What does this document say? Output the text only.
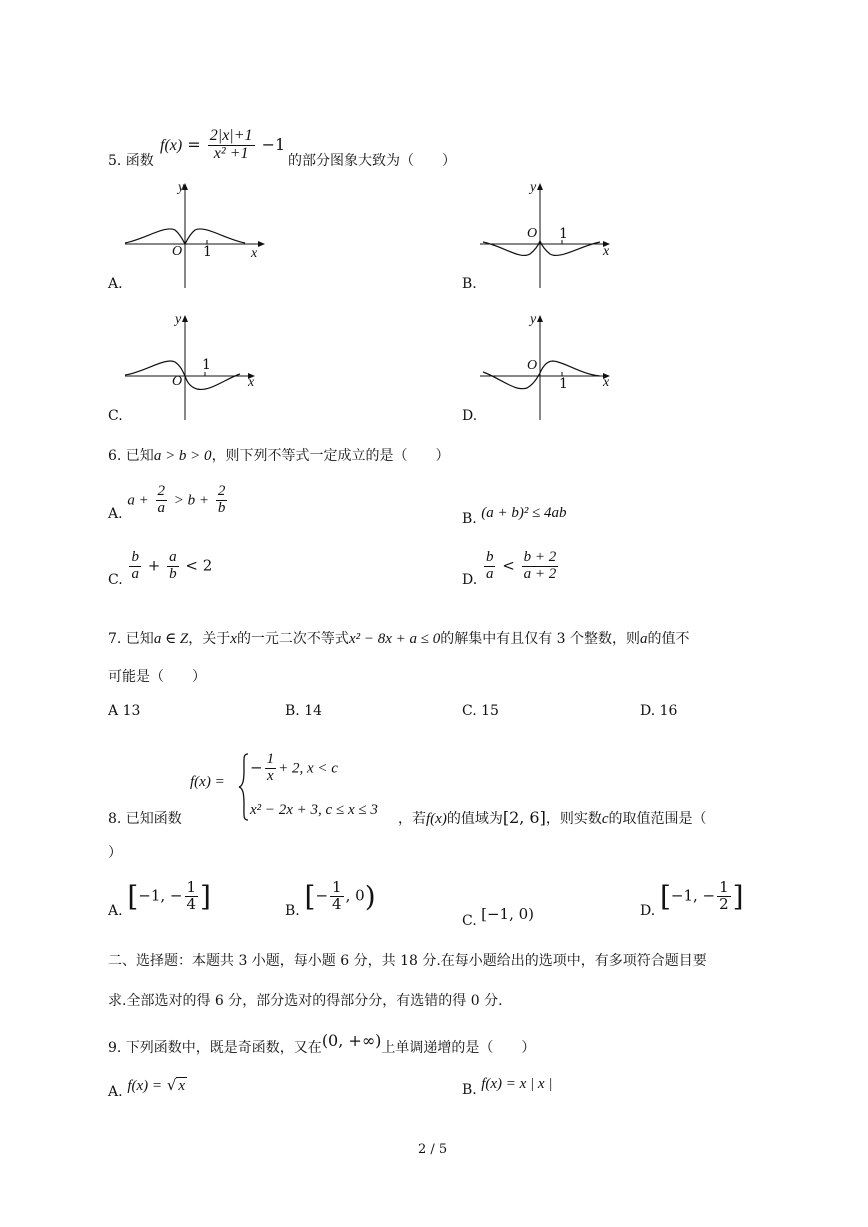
5. 函数
$f(x) = \frac{2|x|+1}{\text{x² +1}} -1$
的部分图象大致为（　　）
y
O 1	x
A.
y
O 1
x
B.
y
O
1
x
C.
y
O
1	x
D.
6. 已知a > b > 0，则下列不等式一定成立的是（　　）
A. $a + \frac{2}{a} > b + \frac{2}{b}$
B. (a + b)² ≤ 4ab
C. $\frac{b}{a} + \frac{a}{b} < 2$
D. $\frac{b}{a} < \frac{b + 2}{a + 2}$
7. 已知a ∈ Z，关于x的一元二次不等式x² − 8x + a ≤ 0的解集中有且仅有 3 个整数，则a的值不
可能是（　　）
A 13	B. 14	C. 15	D. 16
8. 已知函数
f(x) =
− $\frac{1}{x} + 2$, x < c
x² − 2x + 3, c ≤ x ≤ 3
，若f(x)的值域为[2, 6]，则实数c的取值范围是（
）
A. [−1, − $\frac{1}{4}$ ]	B. [− $\frac{1}{4}$ , 0)
C. [−1, 0)	D. [−1, − $\frac{1}{2}$ ]
二、选择题：本题共 3 小题，每小题 6 分，共 18 分.在每小题给出的选项中，有多项符合题目要
求.全部选对的得 6 分，部分选对的得部分分，有选错的得 0 分.
9. 下列函数中，既是奇函数，又在(0, +∞)上单调递增的是（　　）
A. f(x) = √ x	B. f(x) = x | x |
2 / 5
